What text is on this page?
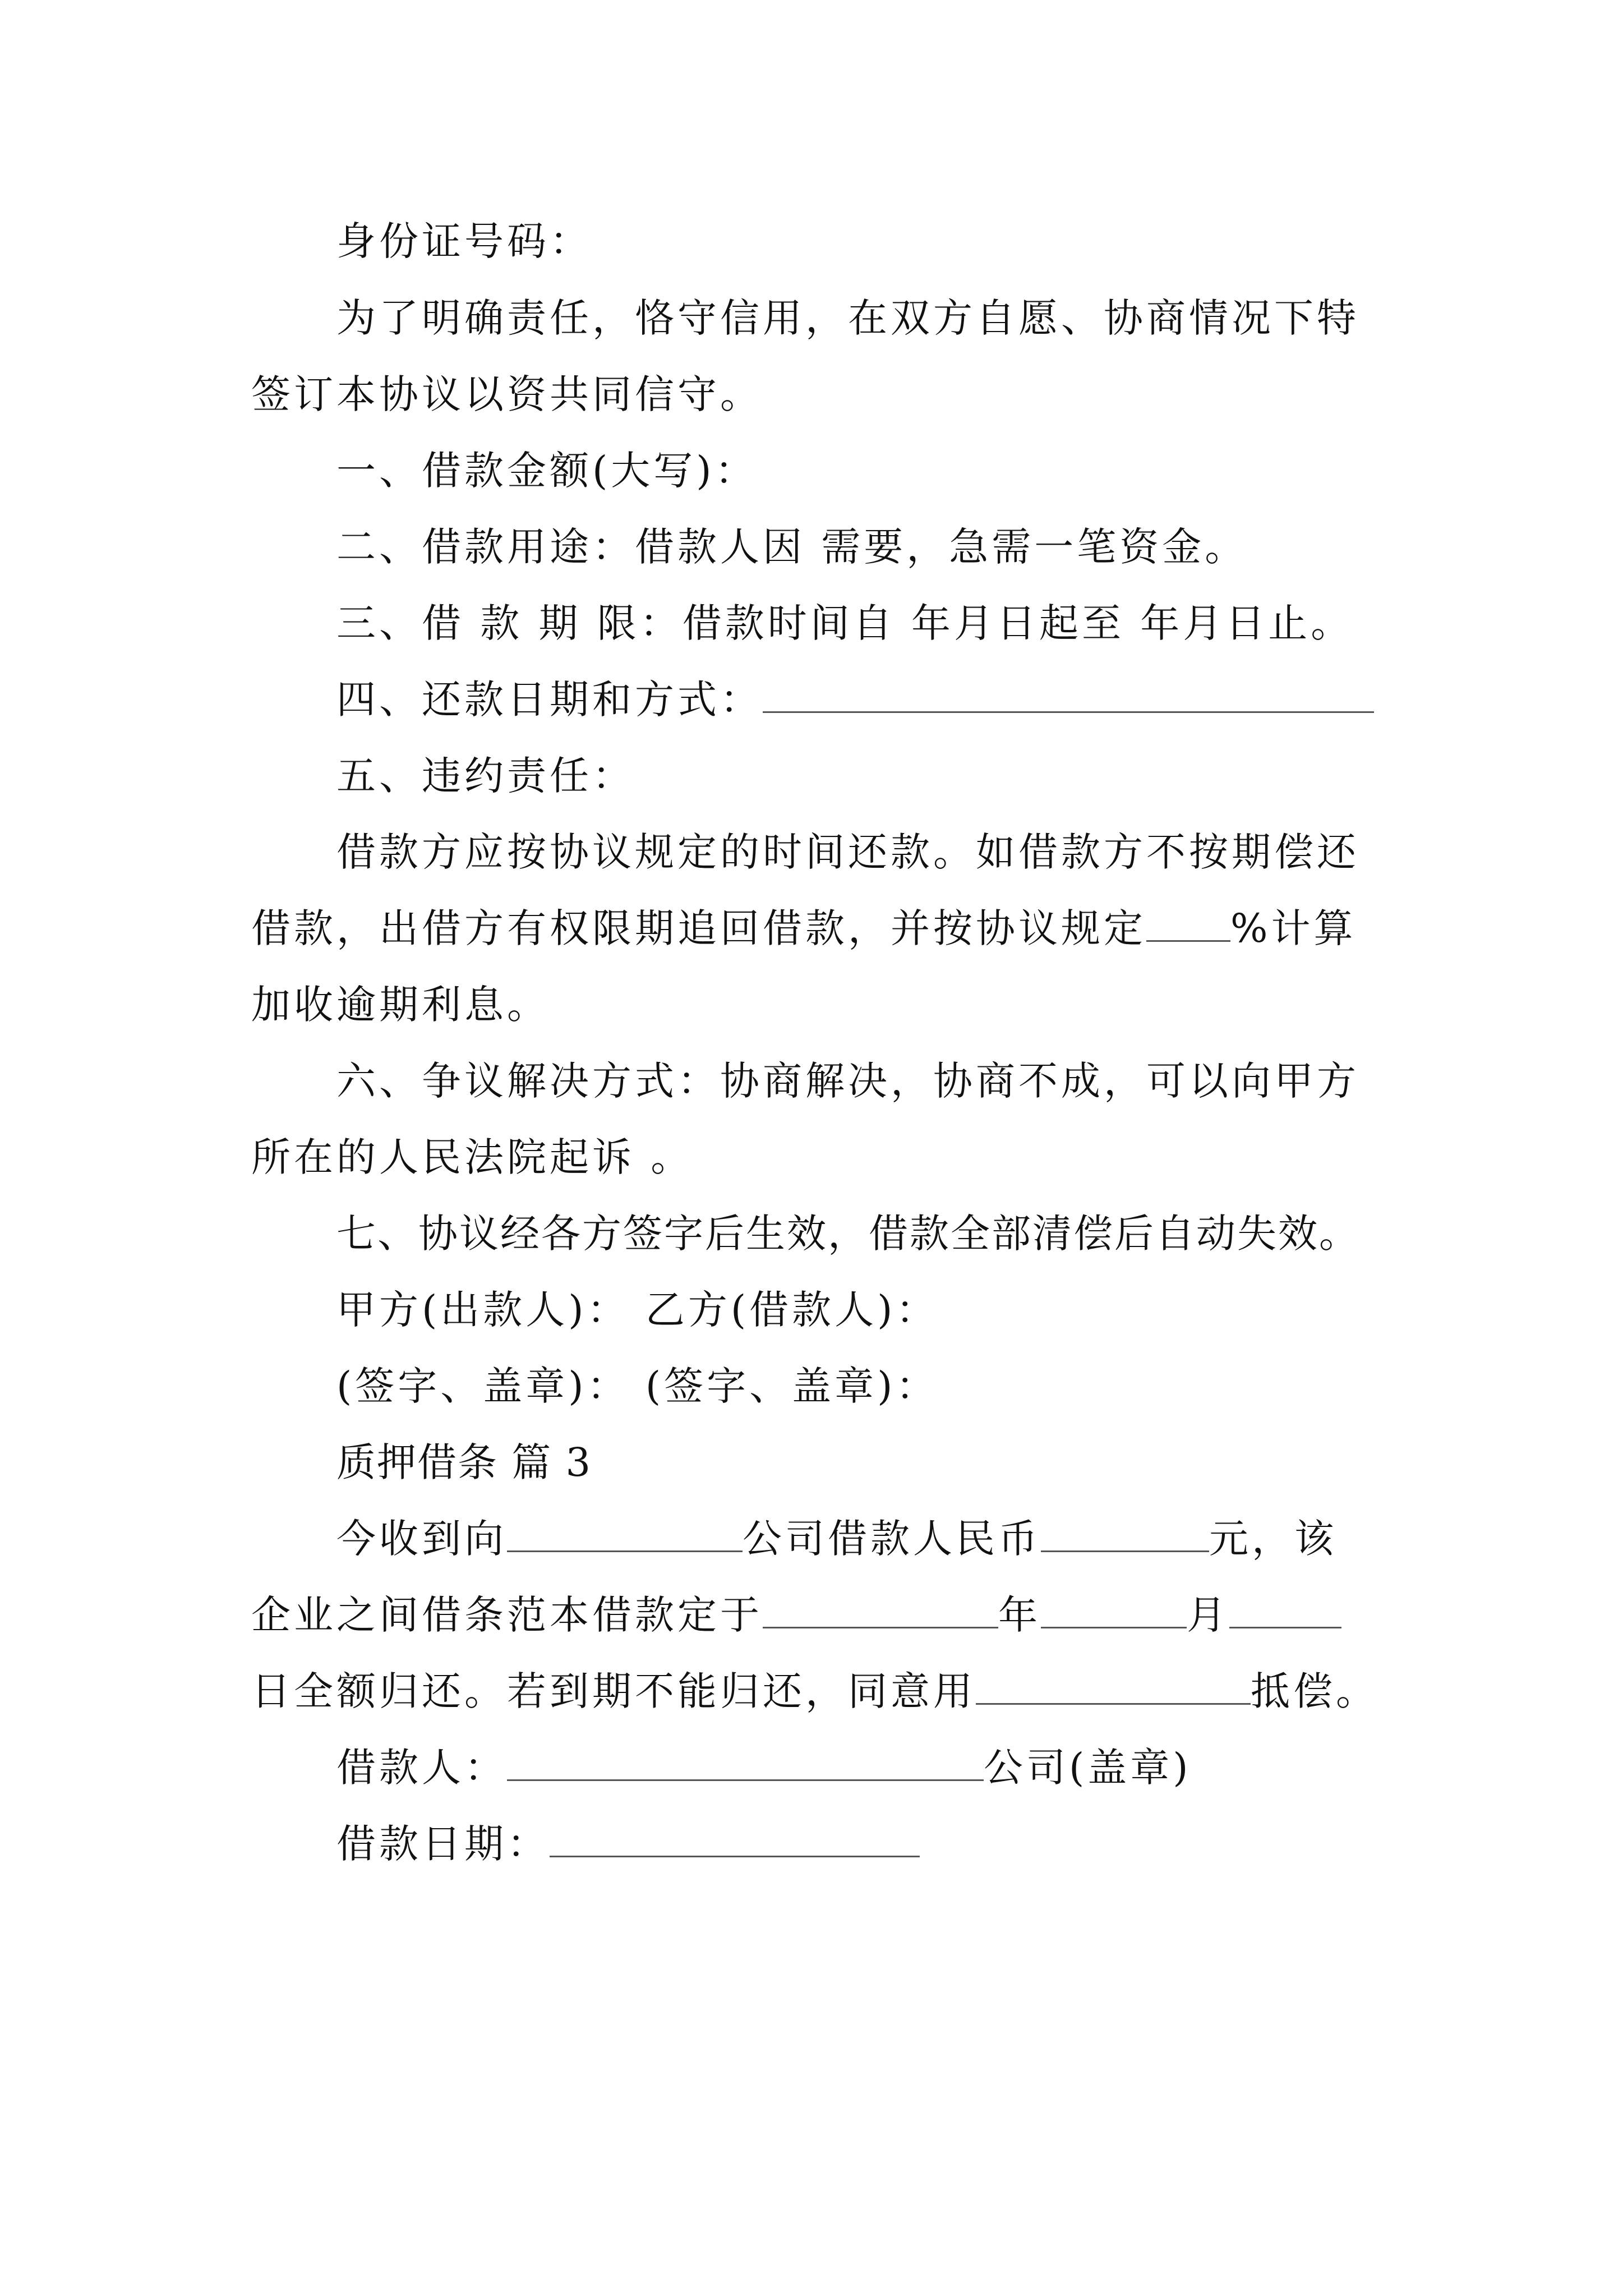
身份证号码：
为了明确责任，恪守信用，在双方自愿、协商情况下特
签订本协议以资共同信守。
一、借款金额(大写)：
二、借款用途：借款人因 需要，急需一笔资金。
三、借 款 期 限：借款时间自 年月日起至 年月日止。
四、还款日期和方式：
五、违约责任：
借款方应按协议规定的时间还款。如借款方不按期偿还
借款，出借方有权限期追回借款，并按协议规定 %计算
加收逾期利息。
六、争议解决方式：协商解决，协商不成，可以向甲方
所在的人民法院起诉 。
七、协议经各方签字后生效，借款全部清偿后自动失效。
甲方(出款人)： 乙方(借款人)：
(签字、盖章)： (签字、盖章)：
质押借条 篇 3
今收到向	公司借款人民币	元，该
企业之间借条范本借款定于	年	月
日全额归还。若到期不能归还，同意用	抵偿。
借款人：	公司(盖章)
借款日期：
